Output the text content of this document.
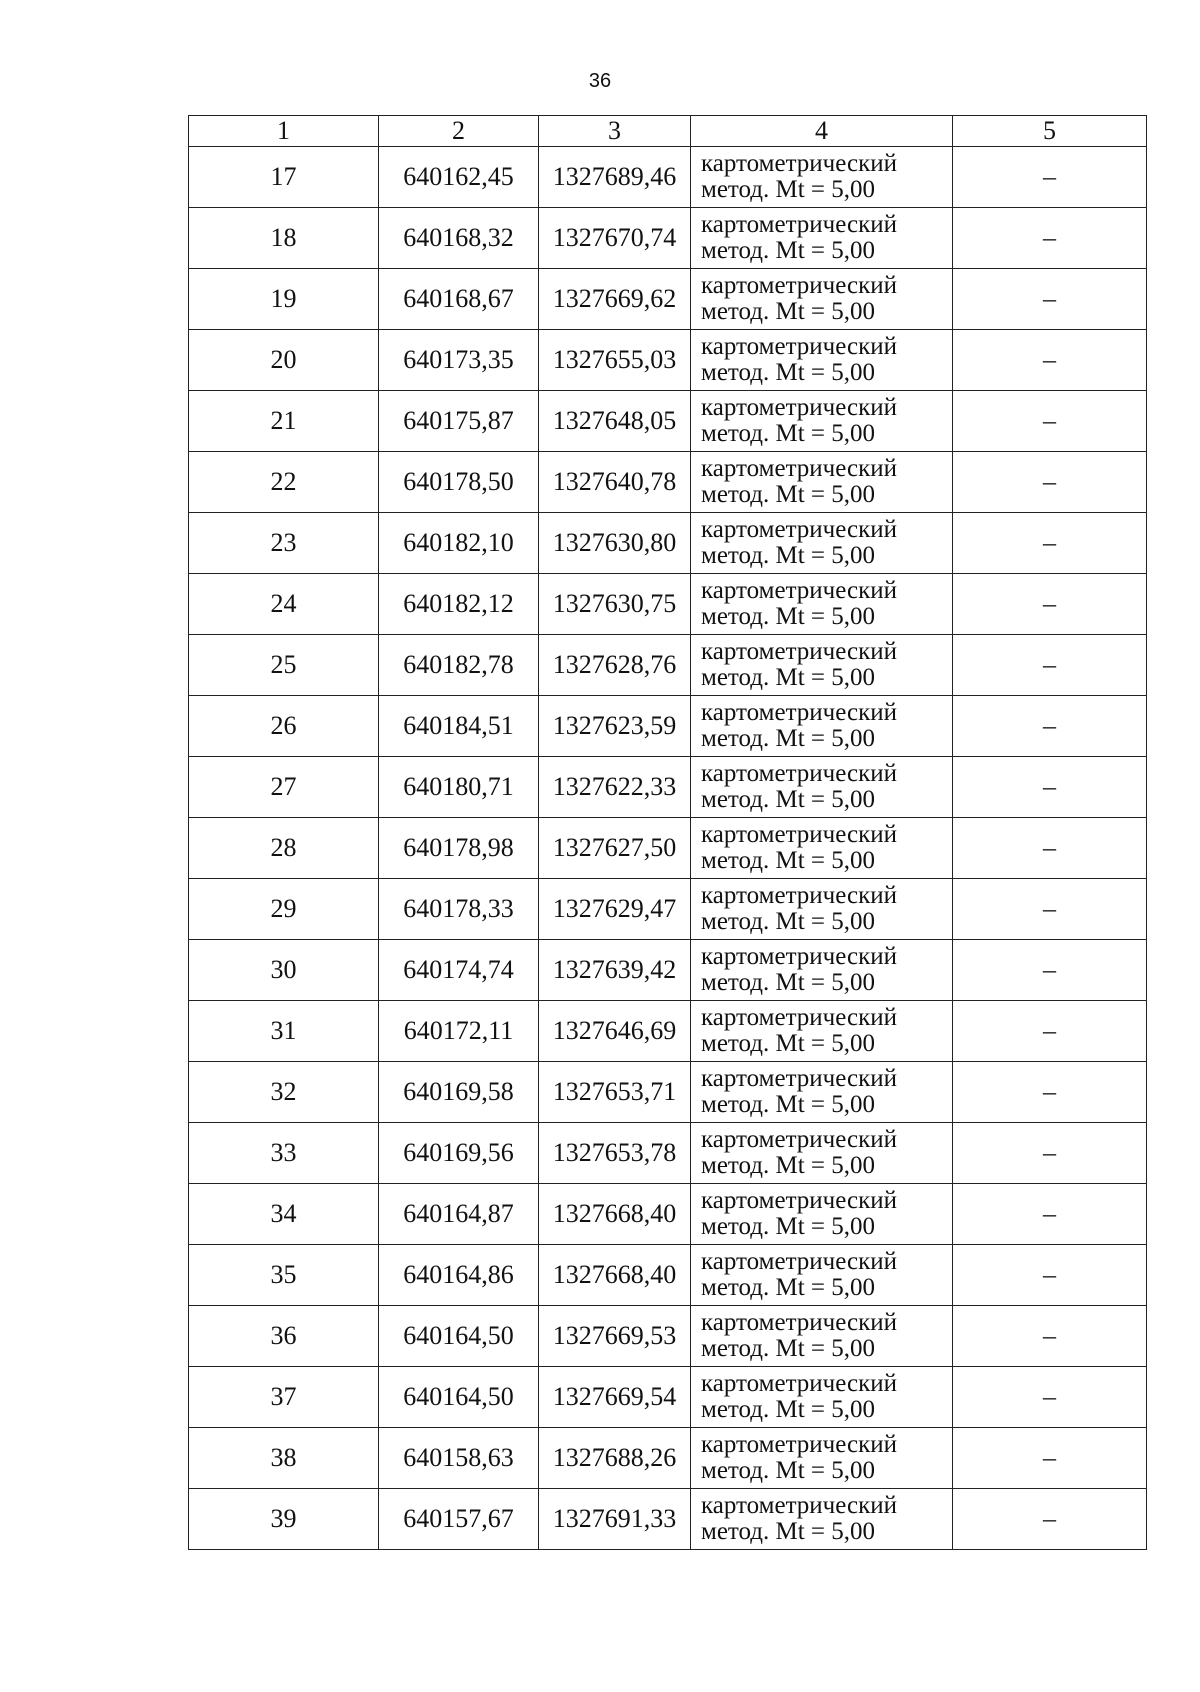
36
1	2	3	4	5
17	640162,45	1327689,46	картометрический
метод. Mt = 5,00	–
18	640168,32	1327670,74	картометрический
метод. Mt = 5,00	–
19	640168,67	1327669,62	картометрический
метод. Mt = 5,00	–
20	640173,35	1327655,03	картометрический
метод. Mt = 5,00	–
21	640175,87	1327648,05	картометрический
метод. Mt = 5,00	–
22	640178,50	1327640,78	картометрический
метод. Mt = 5,00	–
23	640182,10	1327630,80	картометрический
метод. Mt = 5,00	–
24	640182,12	1327630,75	картометрический
метод. Mt = 5,00	–
25	640182,78	1327628,76	картометрический
метод. Mt = 5,00	–
26	640184,51	1327623,59	картометрический
метод. Mt = 5,00	–
27	640180,71	1327622,33	картометрический
метод. Mt = 5,00	–
28	640178,98	1327627,50	картометрический
метод. Mt = 5,00	–
29	640178,33	1327629,47	картометрический
метод. Mt = 5,00	–
30	640174,74	1327639,42	картометрический
метод. Mt = 5,00	–
31	640172,11	1327646,69	картометрический
метод. Mt = 5,00	–
32	640169,58	1327653,71	картометрический
метод. Mt = 5,00	–
33	640169,56	1327653,78	картометрический
метод. Mt = 5,00	–
34	640164,87	1327668,40	картометрический
метод. Mt = 5,00	–
35	640164,86	1327668,40	картометрический
метод. Mt = 5,00	–
36	640164,50	1327669,53	картометрический
метод. Mt = 5,00	–
37	640164,50	1327669,54	картометрический
метод. Mt = 5,00	–
38	640158,63	1327688,26	картометрический
метод. Mt = 5,00	–
39	640157,67	1327691,33	картометрический
метод. Mt = 5,00	–
